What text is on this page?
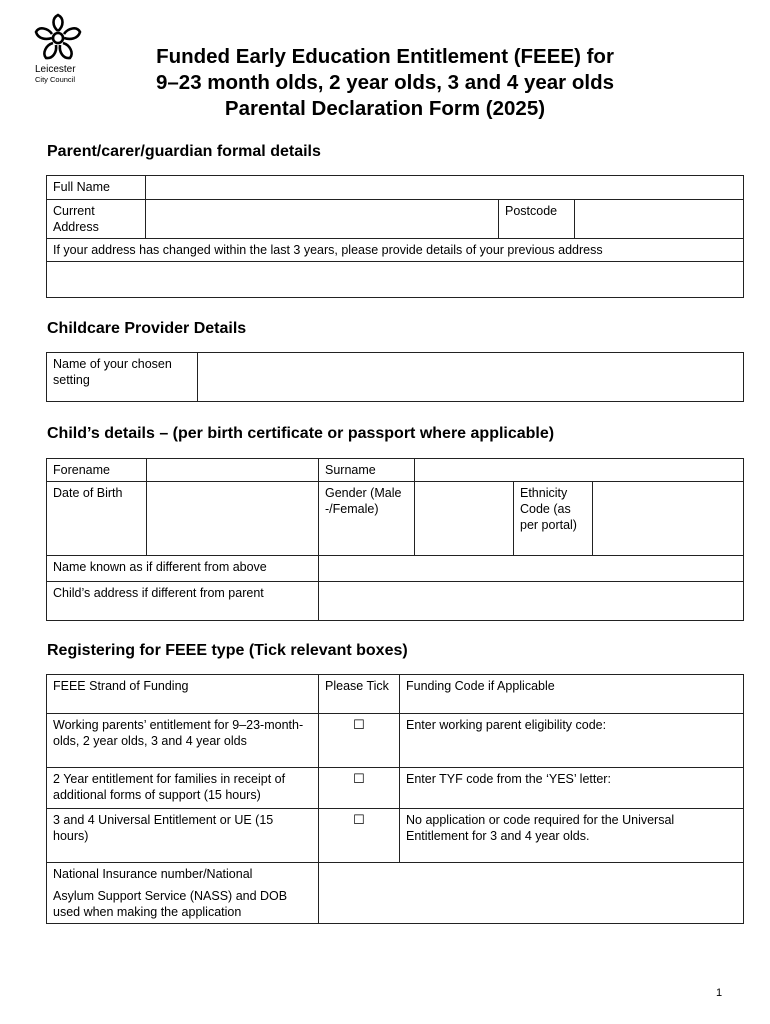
Leicester
City Council
Funded Early Education Entitlement (FEEE) for
9–23 month olds, 2 year olds, 3 and 4 year olds
Parental Declaration Form (2025)
Parent/carer/guardian formal details
Full Name			
Current Address		Postcode	
If your address has changed within the last 3 years, please provide details of your previous address			

Childcare Provider Details
Name of your chosen setting	
Child’s details – (per birth certificate or passport where applicable)
Forename		Surname			
Date of Birth		Gender (Male -/Female)		Ethnicity Code (as per portal)	
Name known as if different from above					
Child’s address if different from parent					
Registering for FEEE type (Tick relevant boxes)
FEEE Strand of Funding	Please Tick	Funding Code if Applicable
Working parents’ entitlement for 9–23-month-olds, 2 year olds, 3 and 4 year olds	☐	Enter working parent eligibility code:
2 Year entitlement for families in receipt of additional forms of support (15 hours)	☐	Enter TYF code from the ‘YES’ letter:
3 and 4 Universal Entitlement or UE (15 hours)	☐	No application or code required for the Universal Entitlement for 3 and 4 year olds.

National Insurance number/National

Asylum Support Service (NASS) and DOB used when making the application		

1
